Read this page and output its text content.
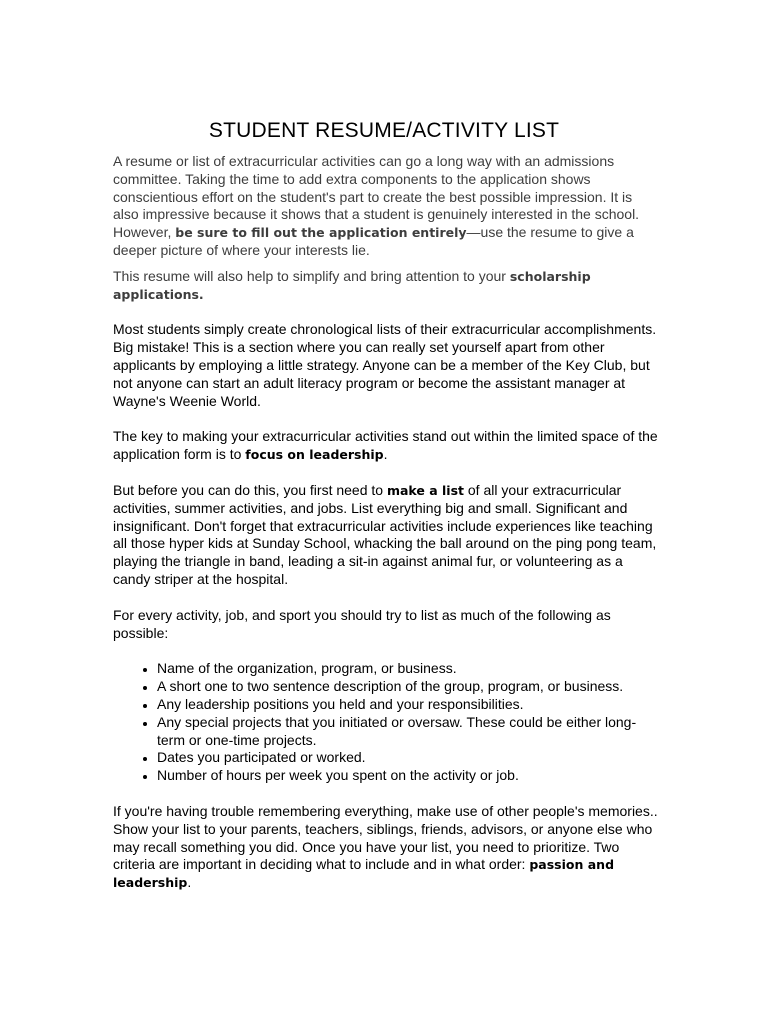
STUDENT RESUME/ACTIVITY LIST

A resume or list of extracurricular activities can go a long way with an admissions committee. Taking the time to add extra components to the application shows conscientious effort on the student's part to create the best possible impression. It is also impressive because it shows that a student is genuinely interested in the school. However, be sure to fill out the application entirely—use the resume to give a deeper picture of where your interests lie.

This resume will also help to simplify and bring attention to your scholarship applications.

Most students simply create chronological lists of their extracurricular accomplishments. Big mistake! This is a section where you can really set yourself apart from other applicants by employing a little strategy. Anyone can be a member of the Key Club, but not anyone can start an adult literacy program or become the assistant manager at Wayne's Weenie World.

The key to making your extracurricular activities stand out within the limited space of the application form is to focus on leadership.

But before you can do this, you first need to make a list of all your extracurricular activities, summer activities, and jobs. List everything big and small. Significant and insignificant. Don't forget that extracurricular activities include experiences like teaching all those hyper kids at Sunday School, whacking the ball around on the ping pong team, playing the triangle in band, leading a sit-in against animal fur, or volunteering as a candy striper at the hospital.

For every activity, job, and sport you should try to list as much of the following as possible:

• Name of the organization, program, or business.
• A short one to two sentence description of the group, program, or business.
• Any leadership positions you held and your responsibilities.
• Any special projects that you initiated or oversaw. These could be either long-term or one-time projects.
• Dates you participated or worked.
• Number of hours per week you spent on the activity or job.

If you're having trouble remembering everything, make use of other people's memories.. Show your list to your parents, teachers, siblings, friends, advisors, or anyone else who may recall something you did. Once you have your list, you need to prioritize. Two criteria are important in deciding what to include and in what order: passion and leadership.
